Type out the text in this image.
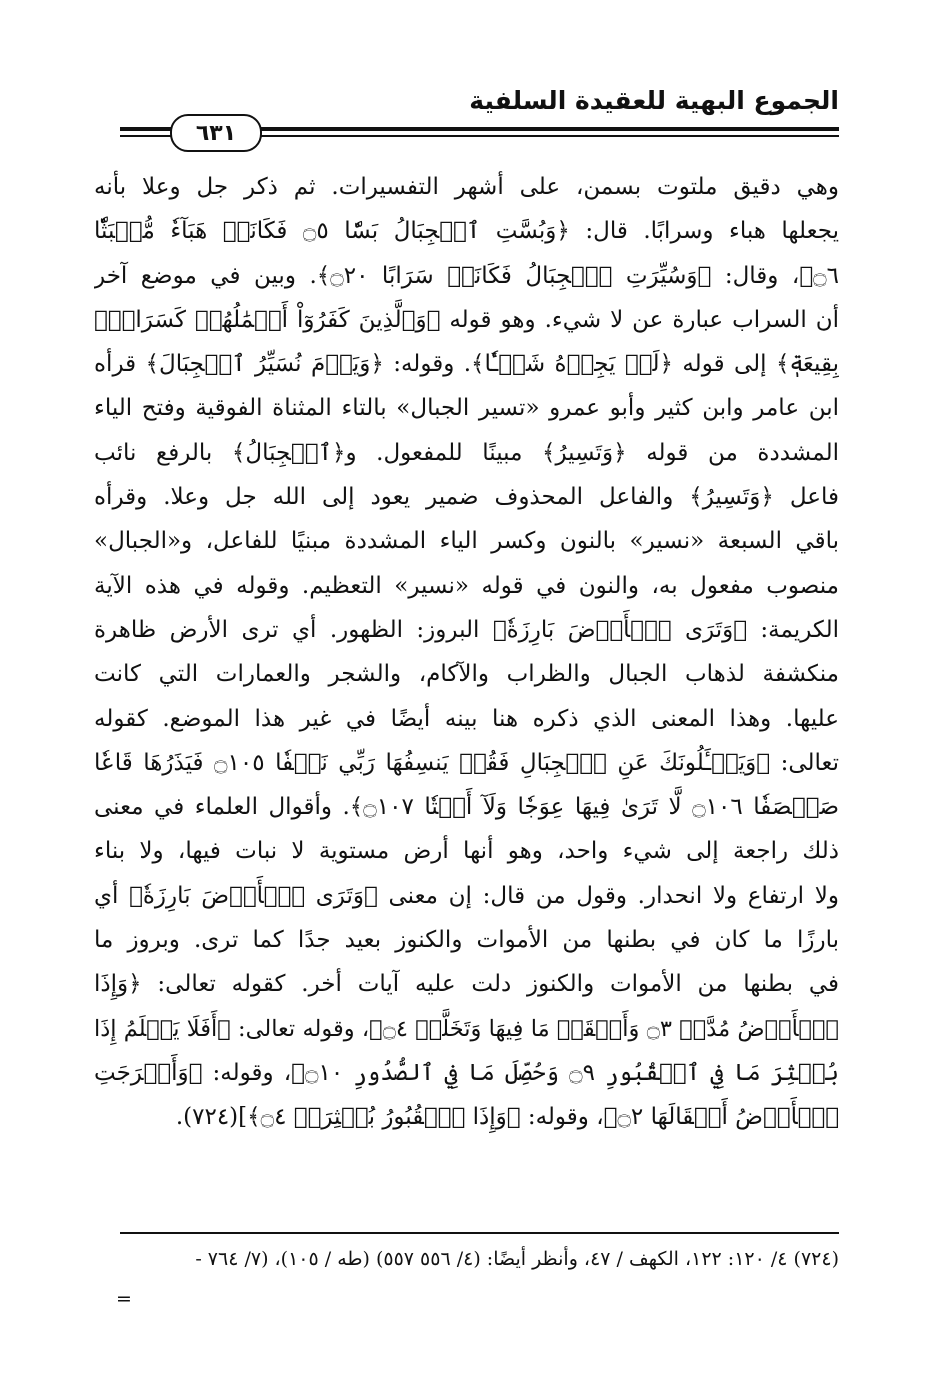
الجموع البهية للعقيدة السلفية
٦٣١
وهي دقيق ملتوت بسمن، على أشهر التفسيرات. ثم ذكر جل وعلا بأنه
يجعلها هباء وسرابًا. قال: ﴿وَبُسَّتِ ٱلۡجِبَالُ بَسّٗا ۝٥ فَكَانَتۡ هَبَآءٗ مُّنۢبَثّٗا
۝٦﴾، وقال: ﴿وَسُيِّرَتِ ٱلۡجِبَالُ فَكَانَتۡ سَرَابًا ۝٢٠﴾. وبين في موضع آخر
أن السراب عبارة عن لا شيء. وهو قوله ﴿وَٱلَّذِينَ كَفَرُوٓاْ أَعۡمَٰلُهُمۡ كَسَرَابِۭ
بِقِيعَةٖ﴾ إلى قوله ﴿لَمۡ يَجِدۡهُ شَيۡـٔٗا﴾. وقوله: ﴿وَيَوۡمَ نُسَيِّرُ ٱلۡجِبَالَ﴾ قرأه
ابن عامر وابن كثير وأبو عمرو «تسير الجبال» بالتاء المثناة الفوقية وفتح الياء
المشددة من قوله ﴿وَتَسِيرُ﴾ مبينًا للمفعول. و﴿ٱلۡجِبَالُ﴾ بالرفع نائب
فاعل ﴿وَتَسِيرُ﴾ والفاعل المحذوف ضمير يعود إلى الله جل وعلا. وقرأه
باقي السبعة «نسير» بالنون وكسر الياء المشددة مبنيًا للفاعل، و«الجبال»
منصوب مفعول به، والنون في قوله «نسير» التعظيم. وقوله في هذه الآية
الكريمة: ﴿وَتَرَى ٱلۡأَرۡضَ بَارِزَةٗ﴾ البروز: الظهور. أي ترى الأرض ظاهرة
منكشفة لذهاب الجبال والظراب والآكام، والشجر والعمارات التي كانت
عليها. وهذا المعنى الذي ذكره هنا بينه أيضًا في غير هذا الموضع. كقوله
تعالى: ﴿وَيَسۡـَٔلُونَكَ عَنِ ٱلۡجِبَالِ فَقُلۡ يَنسِفُهَا رَبِّي نَسۡفٗا ۝١٠٥ فَيَذَرُهَا قَاعٗا
صَفۡصَفٗا ۝١٠٦ لَّا تَرَىٰ فِيهَا عِوَجٗا وَلَآ أَمۡتٗا ۝١٠٧﴾. وأقوال العلماء في معنى
ذلك راجعة إلى شيء واحد، وهو أنها أرض مستوية لا نبات فيها، ولا بناء
ولا ارتفاع ولا انحدار. وقول من قال: إن معنى ﴿وَتَرَى ٱلۡأَرۡضَ بَارِزَةٗ﴾ أي
بارزًا ما كان في بطنها من الأموات والكنوز بعيد جدًا كما ترى. وبروز ما
في بطنها من الأموات والكنوز دلت عليه آيات أخر. كقوله تعالى: ﴿وَإِذَا
ٱلۡأَرۡضُ مُدَّتۡ ۝٣ وَأَلۡقَتۡ مَا فِيهَا وَتَخَلَّتۡ ۝٤﴾، وقوله تعالى: ﴿أَفَلَا يَعۡلَمُ إِذَا
بُعۡثِرَ مَا فِي ٱلۡقُبُورِ ۝٩ وَحُصِّلَ مَا فِي ٱلصُّدُورِ ۝١٠﴾، وقوله: ﴿وَأَخۡرَجَتِ
ٱلۡأَرۡضُ أَثۡقَالَهَا ۝٢﴾، وقوله: ﴿وَإِذَا ٱلۡقُبُورُ بُعۡثِرَتۡ ۝٤﴾](٧٢٤).
(٧٢٤) ٤/ ١٢٠: ١٢٢، الكهف / ٤٧، وأنظر أيضًا: (٤/ ٥٥٦ ٥٥٧) (طه / ١٠٥)، (٧/ ٧٦٤ -
=
